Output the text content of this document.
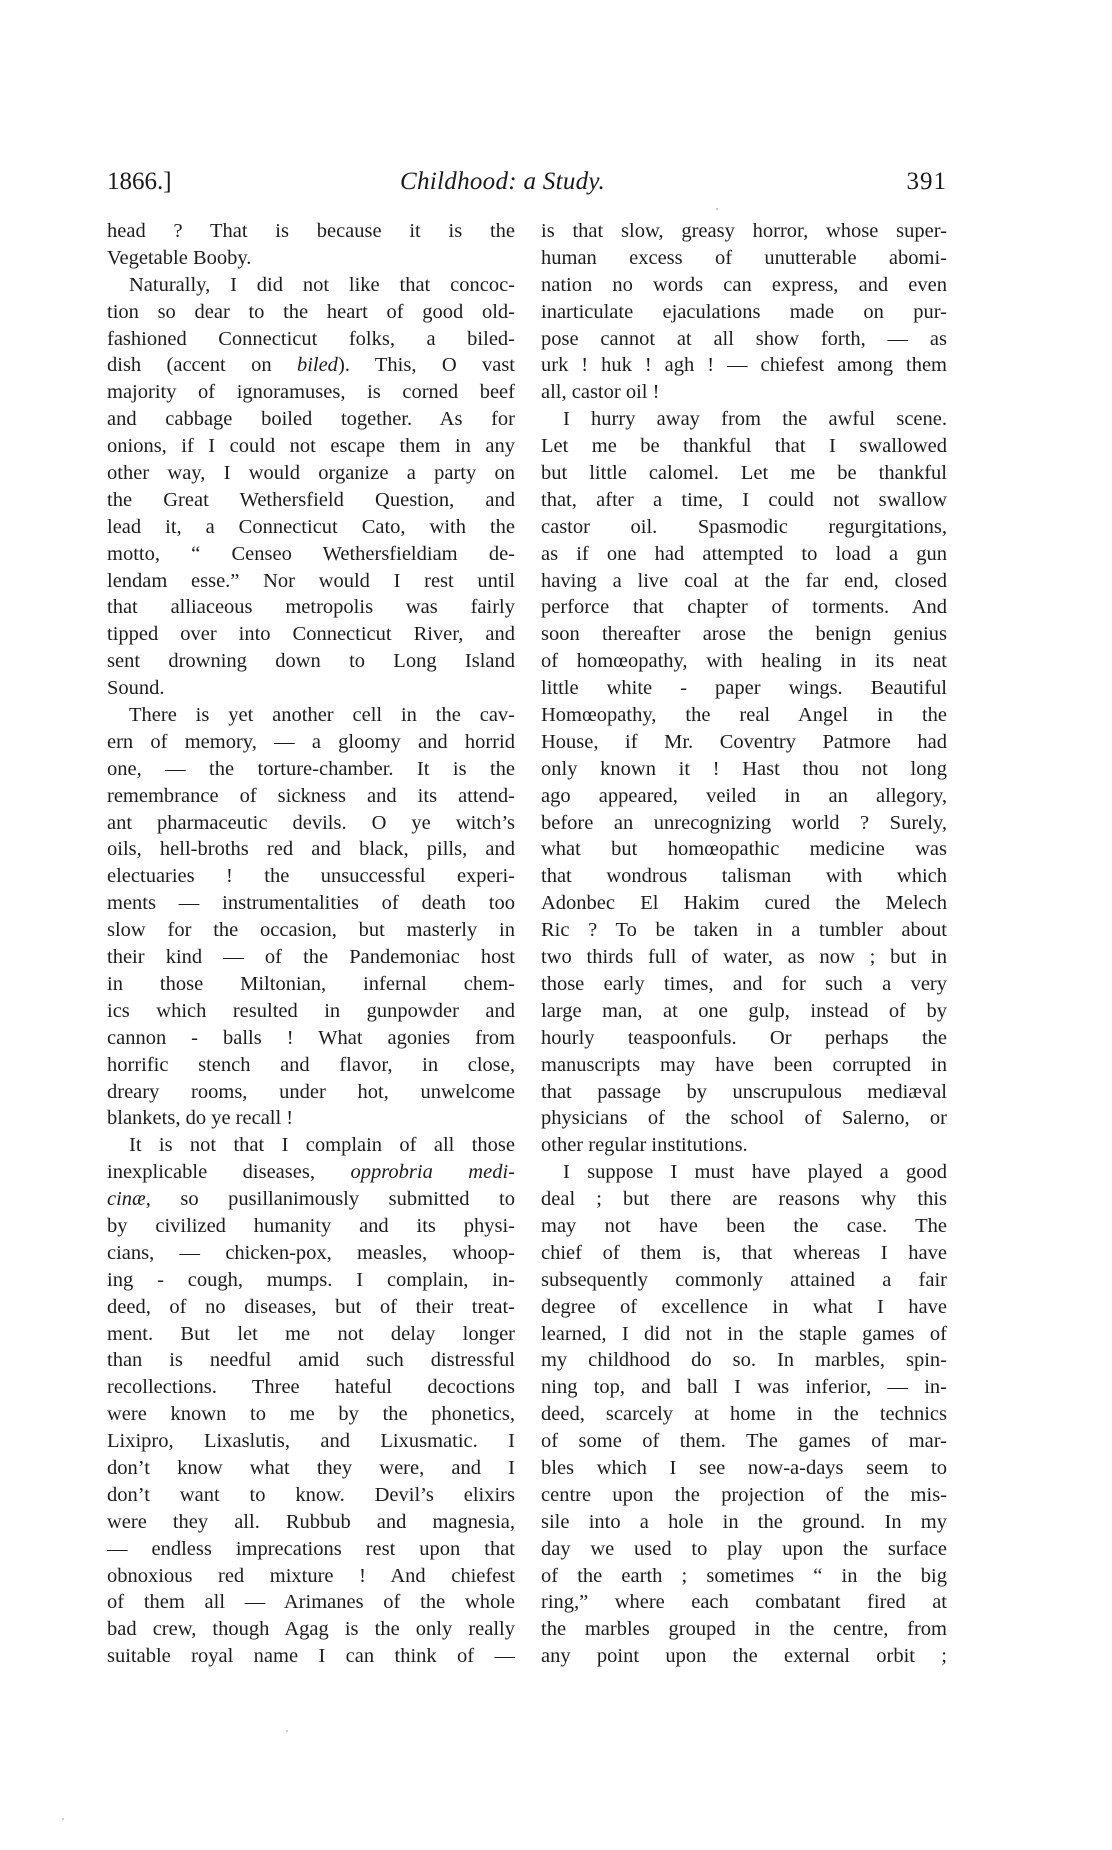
1866.]	Childhood: a Study.	391
head ? That is because it is the
Vegetable Booby.
Naturally, I did not like that concoc-
tion so dear to the heart of good old-
fashioned Connecticut folks, a biled-
dish (accent on biled). This, O vast
majority of ignoramuses, is corned beef
and cabbage boiled together. As for
onions, if I could not escape them in any
other way, I would organize a party on
the Great Wethersfield Question, and
lead it, a Connecticut Cato, with the
motto, “ Censeo Wethersfieldiam de-
lendam esse.” Nor would I rest until
that alliaceous metropolis was fairly
tipped over into Connecticut River, and
sent drowning down to Long Island
Sound.
There is yet another cell in the cav-
ern of memory, — a gloomy and horrid
one, — the torture-chamber. It is the
remembrance of sickness and its attend-
ant pharmaceutic devils. O ye witch’s
oils, hell-broths red and black, pills, and
electuaries ! the unsuccessful experi-
ments — instrumentalities of death too
slow for the occasion, but masterly in
their kind — of the Pandemoniac host
in those Miltonian, infernal chem-
ics which resulted in gunpowder and
cannon - balls ! What agonies from
horrific stench and flavor, in close,
dreary rooms, under hot, unwelcome
blankets, do ye recall !
It is not that I complain of all those
inexplicable diseases, opprobria medi-
cinæ, so pusillanimously submitted to
by civilized humanity and its physi-
cians, — chicken-pox, measles, whoop-
ing - cough, mumps. I complain, in-
deed, of no diseases, but of their treat-
ment. But let me not delay longer
than is needful amid such distressful
recollections. Three hateful decoctions
were known to me by the phonetics,
Lixipro, Lixaslutis, and Lixusmatic. I
don’t know what they were, and I
don’t want to know. Devil’s elixirs
were they all. Rubbub and magnesia,
— endless imprecations rest upon that
obnoxious red mixture ! And chiefest
of them all — Arimanes of the whole
bad crew, though Agag is the only really
suitable royal name I can think of —
is that slow, greasy horror, whose super-
human excess of unutterable abomi-
nation no words can express, and even
inarticulate ejaculations made on pur-
pose cannot at all show forth, — as
urk ! huk ! agh ! — chiefest among them
all, castor oil !
I hurry away from the awful scene.
Let me be thankful that I swallowed
but little calomel. Let me be thankful
that, after a time, I could not swallow
castor oil. Spasmodic regurgitations,
as if one had attempted to load a gun
having a live coal at the far end, closed
perforce that chapter of torments. And
soon thereafter arose the benign genius
of homœopathy, with healing in its neat
little white - paper wings. Beautiful
Homœopathy, the real Angel in the
House, if Mr. Coventry Patmore had
only known it ! Hast thou not long
ago appeared, veiled in an allegory,
before an unrecognizing world ? Surely,
what but homœopathic medicine was
that wondrous talisman with which
Adonbec El Hakim cured the Melech
Ric ? To be taken in a tumbler about
two thirds full of water, as now ; but in
those early times, and for such a very
large man, at one gulp, instead of by
hourly teaspoonfuls. Or perhaps the
manuscripts may have been corrupted in
that passage by unscrupulous mediæval
physicians of the school of Salerno, or
other regular institutions.
I suppose I must have played a good
deal ; but there are reasons why this
may not have been the case. The
chief of them is, that whereas I have
subsequently commonly attained a fair
degree of excellence in what I have
learned, I did not in the staple games of
my childhood do so. In marbles, spin-
ning top, and ball I was inferior, — in-
deed, scarcely at home in the technics
of some of them. The games of mar-
bles which I see now-a-days seem to
centre upon the projection of the mis-
sile into a hole in the ground. In my
day we used to play upon the surface
of the earth ; sometimes “ in the big
ring,” where each combatant fired at
the marbles grouped in the centre, from
any point upon the external orbit ;
